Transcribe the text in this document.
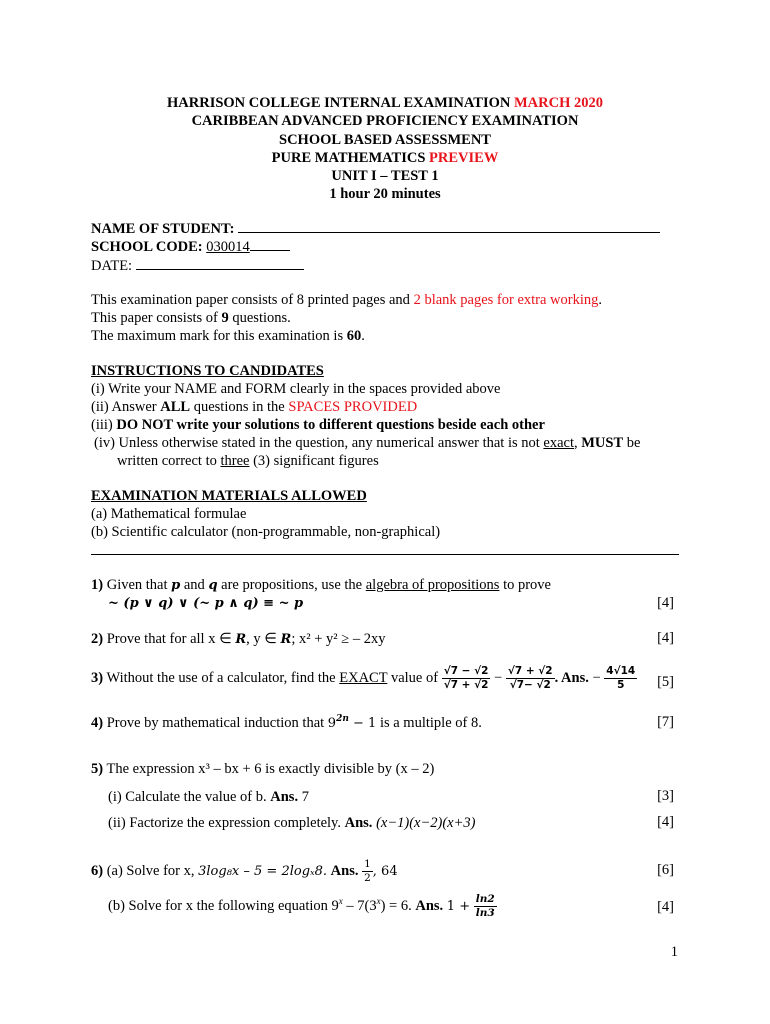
HARRISON COLLEGE INTERNAL EXAMINATION MARCH 2020
CARIBBEAN ADVANCED PROFICIENCY EXAMINATION
SCHOOL BASED ASSESSMENT
PURE MATHEMATICS PREVIEW
UNIT I – TEST 1
1 hour 20 minutes
NAME OF STUDENT:
SCHOOL CODE: 030014
DATE:
This examination paper consists of 8 printed pages and 2 blank pages for extra working.
This paper consists of 9 questions.
The maximum mark for this examination is 60.
INSTRUCTIONS TO CANDIDATES
(i) Write your NAME and FORM clearly in the spaces provided above
(ii) Answer ALL questions in the SPACES PROVIDED
(iii) DO NOT write your solutions to different questions beside each other
(iv) Unless otherwise stated in the question, any numerical answer that is not exact, MUST be
written correct to three (3) significant figures
EXAMINATION MATERIALS ALLOWED
(a) Mathematical formulae
(b) Scientific calculator (non-programmable, non-graphical)
1) Given that p and q are propositions, use the algebra of propositions to prove
~ (p ∨ q) ∨ (~ p ∧ q) ≡ ~ p	[4]
2) Prove that for all x ∈ R, y ∈ R; x² + y² ≥ – 2xy	[4]
3) Without the use of a calculator, find the EXACT value of $\frac{√7 - √2}{√7 + √2} - \frac{√7 + √2}{√7- √2}$ . Ans. − $\frac{4√14}{5} [5]$
4) Prove by mathematical induction that $9^{2n} - 1$ is a multiple of 8.	[7]
5) The expression x³ – bx + 6 is exactly divisible by (x – 2)
(i) Calculate the value of b. Ans. 7	[3]
(ii) Factorize the expression completely. Ans. (x−1)(x−2)(x+3)	[4]
6) (a) Solve for x, 3log₈x – 5 = 2logₓ8. Ans. $\frac{1}{2}$ , 64	[6]
(b) Solve for x the following equation $9^x - 7(3^x) = 6$. Ans. $1 + \frac{\ln 2}{\ln 3}$	[4]
1
